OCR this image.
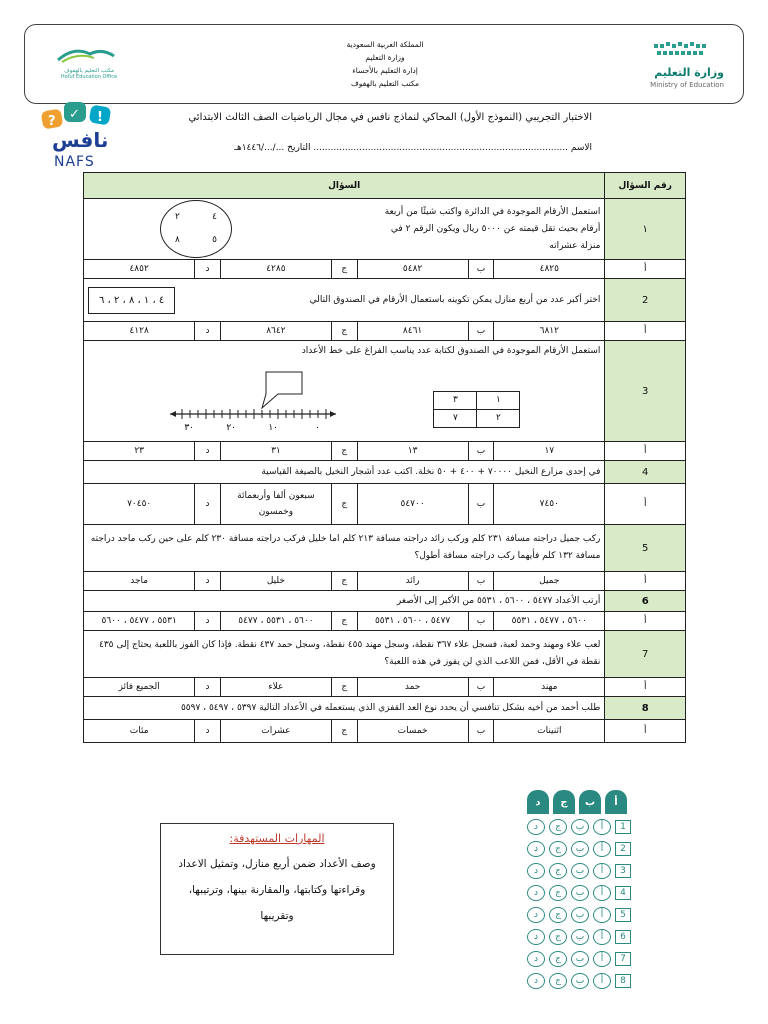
وزارة التعليم
Ministry of Education
المملكة العربية السعودية
وزارة التعليم
إدارة التعليم بالأحساء
مكتب التعليم بالهفوف
مكتب التعليم بالهفوف
Hofuf Education Office
? ✓ !
نافس
NAFS
الاختبار التجريبي (النموذج الأول) المحاكي لنماذج نافس في مجال الرياضيات الصف الثالث الابتدائي
الاسم ......................................................................................... التاريخ .../.../١٤٤٦هـ
رقم السؤال	السؤال
١	
استعمل الأرقام الموجودة في الدائرة واكتب شيئًا من أربعة أرقام بحيث تقل قيمته عن ٥٠٠٠ ريال ويكون الرقم ٢ في منزلة عشراته
٤
٢
٥
٨

أ	٤٨٢٥	ب	٥٤٨٢	ج	٤٢٨٥	د	٤٨٥٢
2	
اختر أكبر عدد من أربع منازل يمكن تكوينه باستعمال الأرقام في الصندوق التالي
٤ ، ١ ، ٨ ، ٢ ، ٦

أ	٦٨١٢	ب	٨٤٦١	ج	٨٦٤٢	د	٤١٢٨
3	
استعمل الأرقام الموجودة في الصندوق لكتابة عدد يناسب الفراغ على خط الأعداد
١	٣
٢	٧
٠
١٠
٢٠
٣٠

أ	١٧	ب	١٣	ج	٣١	د	٢٣
4	في إحدى مزارع النخيل ٧٠٠٠٠ + ٤٠٠ + ٥٠ نخلة. اكتب عدد أشجار النخيل بالصيغة القياسية
أ	٧٤٥٠	ب	٥٤٧٠٠	ج	سبعون ألفا وأربعمائة وخمسون	د	٧٠٤٥٠
5	ركب جميل دراجته مسافة ٢٣١ كلم وركب رائد دراجته مسافة ٢١٣ كلم اما خليل فركب دراجته مسافة ٢٣٠ كلم على حين ركب ماجد دراجته مسافة ١٣٢ كلم فأيهما ركب دراجته مسافة أطول؟
أ	جميل	ب	رائد	ج	خليل	د	ماجد
6	أرتب الأعداد ٥٤٧٧ ، ٥٦٠٠ ، ٥٥٣١ من الأكبر إلى الأصغر
أ	٥٦٠٠ ، ٥٤٧٧ ، ٥٥٣١	ب	٥٤٧٧ ، ٥٦٠٠ ، ٥٥٣١	ج	٥٦٠٠ ، ٥٥٣١ ، ٥٤٧٧	د	٥٥٣١ ، ٥٤٧٧ ، ٥٦٠٠
7	لعب علاء ومهند وحمد لعبة، فسجل علاء ٣٦٧ نقطة، وسجل مهند ٤٥٥ نقطة، وسجل حمد ٤٣٧ نقطة. فإذا كان الفوز باللعبة يحتاج إلى ٤٣٥ نقطة في الأقل، فمن اللاعب الذي لن يفوز في هذه اللعبة؟
أ	مهند	ب	حمد	ج	علاء	د	الجميع فائز
8	طلب أحمد من أخيه بشكل تنافسي أن يحدد نوع العد القفزي الذي يستعمله في الأعداد التالية ٥٣٩٧ ، ٥٤٩٧ ، ٥٥٩٧
أ	اثنينات	ب	خمسات	ج	عشرات	د	مئات
د	ج	ب	أ
د	ج	ب	أ	1
د	ج	ب	أ	2
د	ج	ب	أ	3
د	ج	ب	أ	4
د	ج	ب	أ	5
د	ج	ب	أ	6
د	ج	ب	أ	7
د	ج	ب	أ	8
المهارات المستهدفة:
وصف الأعداد ضمن أربع منازل، وتمثيل الاعداد وقراءتها وكتابتها، والمقارنة بينها، وترتيبها، وتقريبها
